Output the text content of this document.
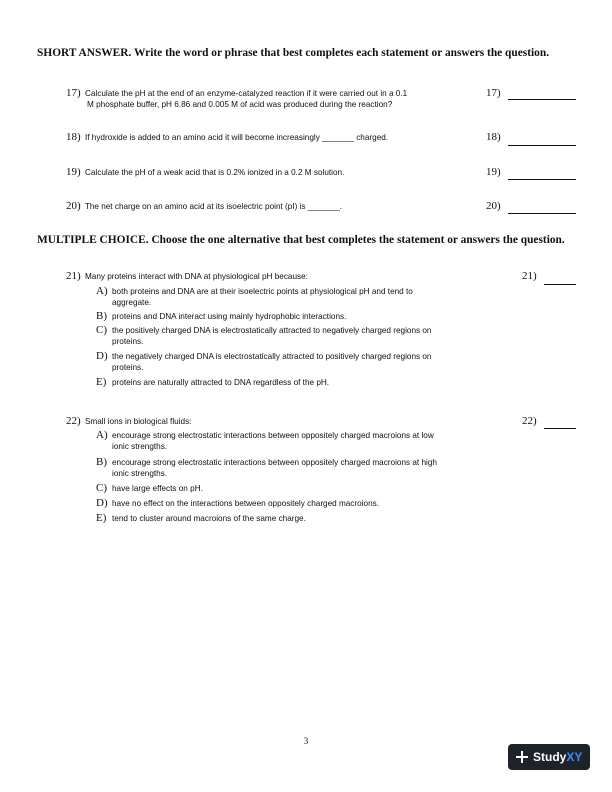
SHORT ANSWER. Write the word or phrase that best completes each statement or answers the question.

17) Calculate the pH at the end of an enzyme-catalyzed reaction if it were carried out in a 0.1
M phosphate buffer, pH 6.86 and 0.005 M of acid was produced during the reaction?
17)
18) If hydroxide is added to an amino acid it will become increasingly _______ charged.	18)
19) Calculate the pH of a weak acid that is 0.2% ionized in a 0.2 M solution.	19)
20) The net charge on an amino acid at its isoelectric point (pI) is _______.	20)

MULTIPLE CHOICE. Choose the one alternative that best completes the statement or answers the question.

21) Many proteins interact with DNA at physiological pH because:	21)
A) both proteins and DNA are at their isoelectric points at physiological pH and tend to
aggregate.
B) proteins and DNA interact using mainly hydrophobic interactions.
C) the positively charged DNA is electrostatically attracted to negatively charged regions on
proteins.
D) the negatively charged DNA is electrostatically attracted to positively charged regions on
proteins.
E) proteins are naturally attracted to DNA regardless of the pH.
22) Small ions in biological fluids:	22)
A) encourage strong electrostatic interactions between oppositely charged macroions at low
ionic strengths.
B) encourage strong electrostatic interactions between oppositely charged macroions at high
ionic strengths.
C) have large effects on pH.
D) have no effect on the interactions between oppositely charged macroions.
E) tend to cluster around macroions of the same charge.
3
Study XY
